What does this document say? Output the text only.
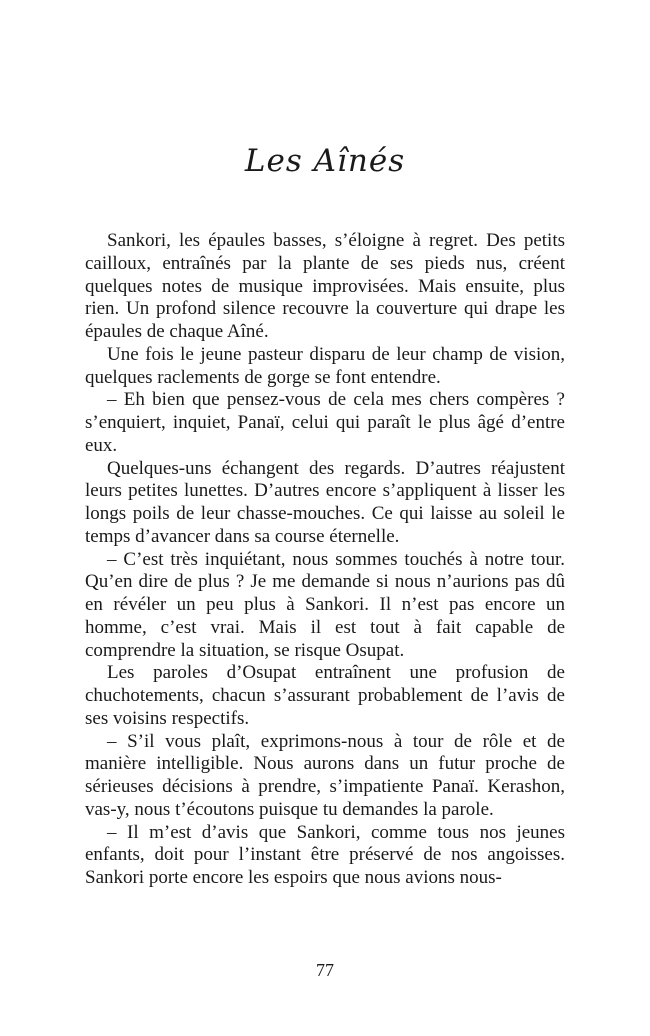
Les Aînés

Sankori, les épaules basses, s’éloigne à regret. Des petits cailloux, entraînés par la plante de ses pieds nus, créent quelques notes de musique improvisées. Mais ensuite, plus rien. Un profond silence recouvre la couverture qui drape les épaules de chaque Aîné.

Une fois le jeune pasteur disparu de leur champ de vision, quelques raclements de gorge se font entendre.

– Eh bien que pensez-vous de cela mes chers compères ? s’enquiert, inquiet, Panaï, celui qui paraît le plus âgé d’entre eux.

Quelques-uns échangent des regards. D’autres réajustent leurs petites lunettes. D’autres encore s’appliquent à lisser les longs poils de leur chasse-mouches. Ce qui laisse au soleil le temps d’avancer dans sa course éternelle.

– C’est très inquiétant, nous sommes touchés à notre tour. Qu’en dire de plus ? Je me demande si nous n’aurions pas dû en révéler un peu plus à Sankori. Il n’est pas encore un homme, c’est vrai. Mais il est tout à fait capable de comprendre la situation, se risque Osupat.

Les paroles d’Osupat entraînent une profusion de chuchotements, chacun s’assurant probablement de l’avis de ses voisins respectifs.

– S’il vous plaît, exprimons-nous à tour de rôle et de manière intelligible. Nous aurons dans un futur proche de sérieuses décisions à prendre, s’impatiente Panaï. Kerashon, vas-y, nous t’écoutons puisque tu demandes la parole.

– Il m’est d’avis que Sankori, comme tous nos jeunes enfants, doit pour l’instant être préservé de nos angoisses. Sankori porte encore les espoirs que nous avions nous-

77
